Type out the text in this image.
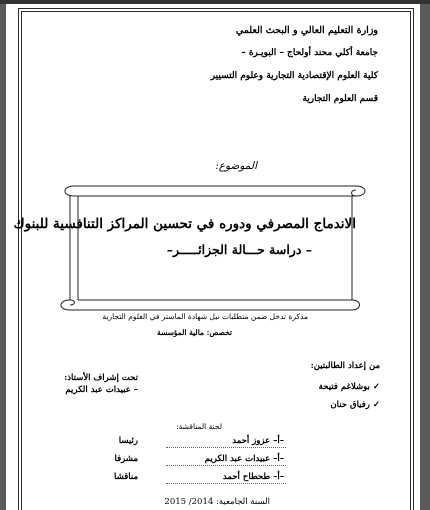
وزارة التعليم العالي و البحث العلمي
جامعة أكلي محند أولحاج – البويـرة –
كلية العلوم الإقتصادية التجارية وعلوم التسيير
قسم العلوم التجارية
الموضوع:
الاندماج المصرفي ودوره في تحسين المراكز التنافسية للبنوك
– دراسة حـــالة الجزائـــــر–
مذكرة تدخل ضمن متطلبات نيل شهادة الماستر في العلوم التجارية
تخصص: مالية المؤسسة
من إعداد الطالبتين:
✓ بوشلاغم فتيحة
✓ رفياق حنان
تحت إشراف الأستاذ:
– عبيدات عبد الكريم
لجنة المناقشة:
–أ– عزوز أحمد
رئيسا
–أ– عبيدات عبد الكريم
مشرفا
–أ– طحطاح أحمد
مناقشا
السنة الجامعية: 2014/ 2015
